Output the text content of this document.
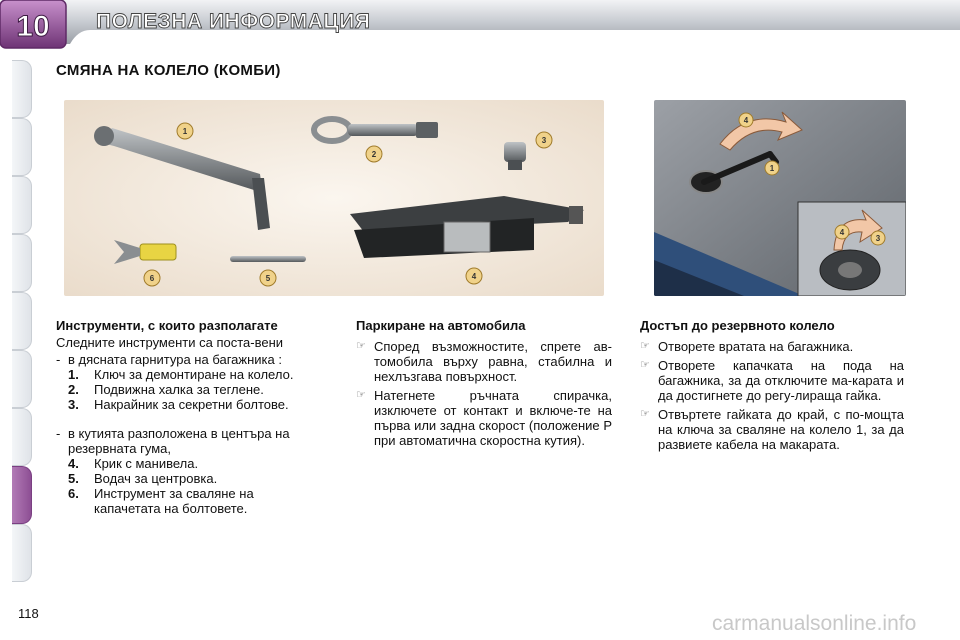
10 ПОЛЕЗНА ИНФОРМАЦИЯ
СМЯНА НА КОЛЕЛО (КОМБИ)
1
2
3
6	5	4
4
1
4
3
Инструменти, с които разполагате
Следните инструменти са поста-вени
- в дясната гарнитура на багажника :
1. Ключ за демонтиране на колело.
2. Подвижна халка за теглене.
3. Накрайник за секретни болтове.
- в кутията разположена в центъра на резервната гума,
4. Крик с манивела.
5. Водач за центровка.
6. Инструмент за сваляне на капачетата на болтовете.
Паркиране на автомобила
☞ Според възможностите, спрете ав-томобила върху равна, стабилна и нехлъзгава повърхност.
☞ Натегнете ръчната спирачка, изключете от контакт и включе-те на първа или задна скорост (положение P при автоматична скоростна кутия).
Достъп до резервното колело
☞ Отворете вратата на багажника.
☞ Отворете капачката на пода на багажника, за да отключите ма-карата и да достигнете до регу-лиращa гайка.
☞ Отвъртете гайката до край, с по-мощта на ключа за сваляне на колело 1, за да развиете кабела на макарата.
118	carmanualsonline.info
